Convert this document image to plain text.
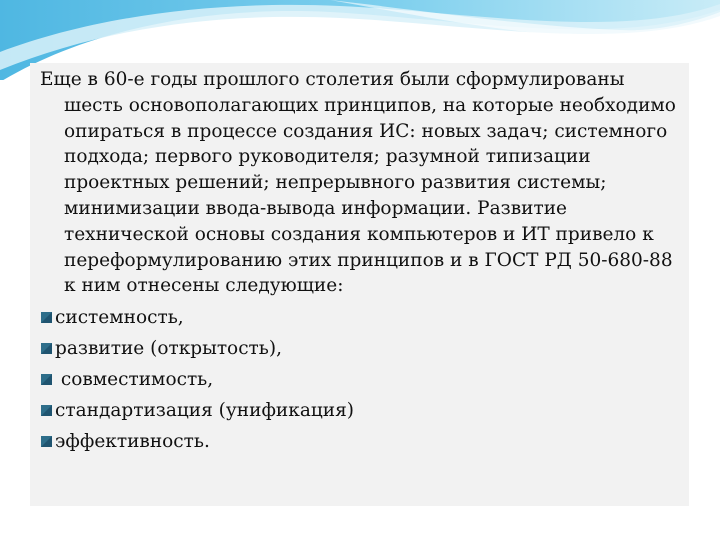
Еще в 60-е годы прошлого столетия были сформулированы шесть основополагающих принципов, на которые необходимо опираться в процессе создания ИС: новых задач; системного подхода; первого руководителя; разумной типизации проектных решений; непрерывного развития системы; минимизации ввода-вывода информации. Развитие технической основы создания компьютеров и ИТ привело к переформулированию этих принципов и в ГОСТ РД 50-680-88 к ним отнесены следующие:

системность,
развитие (открытость),
совместимость,
стандартизация (унификация)
эффективность.
